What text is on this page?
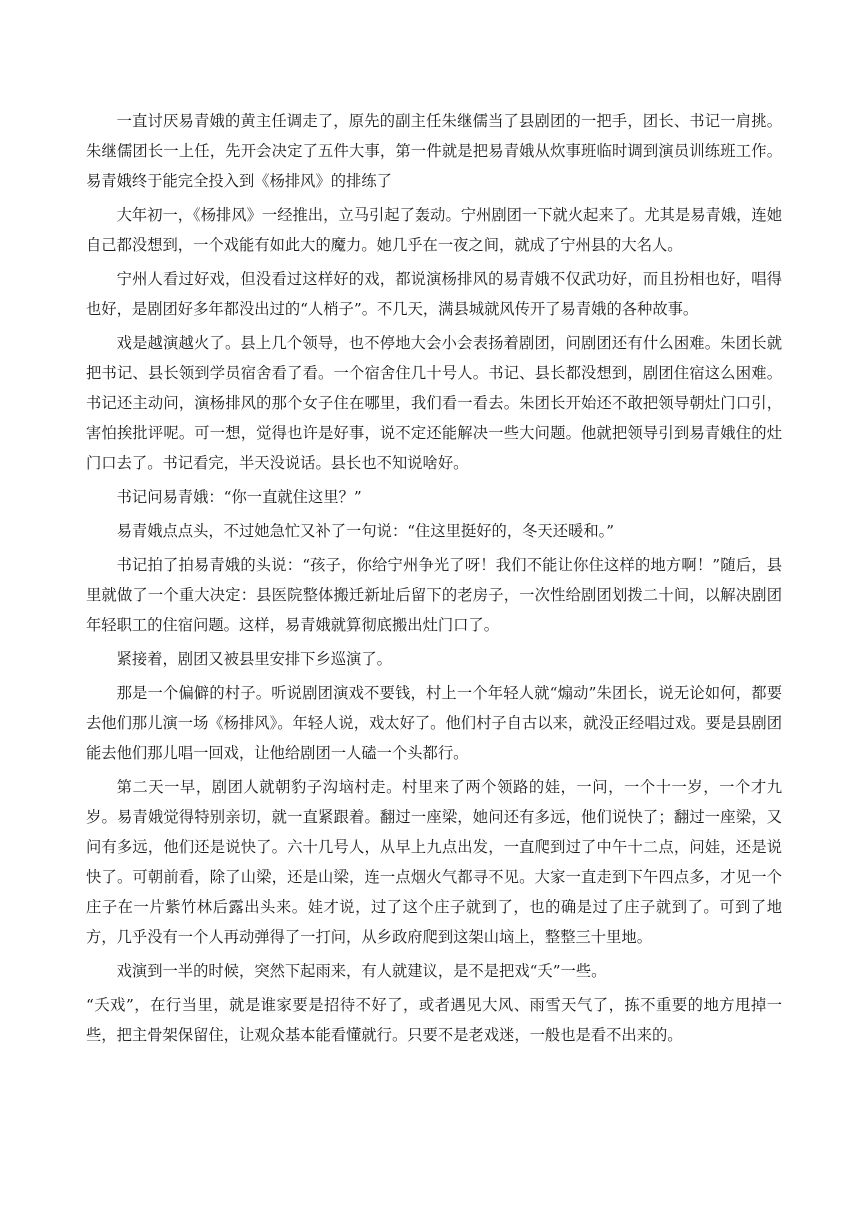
一直讨厌易青娥的黄主任调走了，原先的副主任朱继儒当了县剧团的一把手，团长、书记一肩挑。朱继儒团长一上任，先开会决定了五件大事，第一件就是把易青娥从炊事班临时调到演员训练班工作。易青娥终于能完全投入到《杨排风》的排练了

大年初一，《杨排风》一经推出，立马引起了轰动。宁州剧团一下就火起来了。尤其是易青娥，连她自己都没想到，一个戏能有如此大的魔力。她几乎在一夜之间，就成了宁州县的大名人。

宁州人看过好戏，但没看过这样好的戏，都说演杨排风的易青娥不仅武功好，而且扮相也好，唱得也好，是剧团好多年都没出过的“人梢子”。不几天，满县城就风传开了易青娥的各种故事。

戏是越演越火了。县上几个领导，也不停地大会小会表扬着剧团，问剧团还有什么困难。朱团长就把书记、县长领到学员宿舍看了看。一个宿舍住几十号人。书记、县长都没想到，剧团住宿这么困难。书记还主动问，演杨排风的那个女子住在哪里，我们看一看去。朱团长开始还不敢把领导朝灶门口引，害怕挨批评呢。可一想，觉得也许是好事，说不定还能解决一些大问题。他就把领导引到易青娥住的灶门口去了。书记看完，半天没说话。县长也不知说啥好。

书记问易青娥：“你一直就住这里？”

易青娥点点头，不过她急忙又补了一句说：“住这里挺好的，冬天还暖和。”

书记拍了拍易青娥的头说：“孩子，你给宁州争光了呀！我们不能让你住这样的地方啊！”随后，县里就做了一个重大决定：县医院整体搬迁新址后留下的老房子，一次性给剧团划拨二十间，以解决剧团年轻职工的住宿问题。这样，易青娥就算彻底搬出灶门口了。

紧接着，剧团又被县里安排下乡巡演了。

那是一个偏僻的村子。听说剧团演戏不要钱，村上一个年轻人就“煽动”朱团长，说无论如何，都要去他们那儿演一场《杨排风》。年轻人说，戏太好了。他们村子自古以来，就没正经唱过戏。要是县剧团能去他们那儿唱一回戏，让他给剧团一人磕一个头都行。

第二天一早，剧团人就朝豹子沟垴村走。村里来了两个领路的娃，一问，一个十一岁，一个才九岁。易青娥觉得特别亲切，就一直紧跟着。翻过一座梁，她问还有多远，他们说快了；翻过一座梁，又问有多远，他们还是说快了。六十几号人，从早上九点出发，一直爬到过了中午十二点，问娃，还是说快了。可朝前看，除了山梁，还是山梁，连一点烟火气都寻不见。大家一直走到下午四点多，才见一个庄子在一片紫竹林后露出头来。娃才说，过了这个庄子就到了，也的确是过了庄子就到了。可到了地方，几乎没有一个人再动弹得了一打问，从乡政府爬到这架山垴上，整整三十里地。

戏演到一半的时候，突然下起雨来，有人就建议，是不是把戏“夭”一些。

“夭戏”，在行当里，就是谁家要是招待不好了，或者遇见大风、雨雪天气了，拣不重要的地方甩掉一些，把主骨架保留住，让观众基本能看懂就行。只要不是老戏迷，一般也是看不出来的。
